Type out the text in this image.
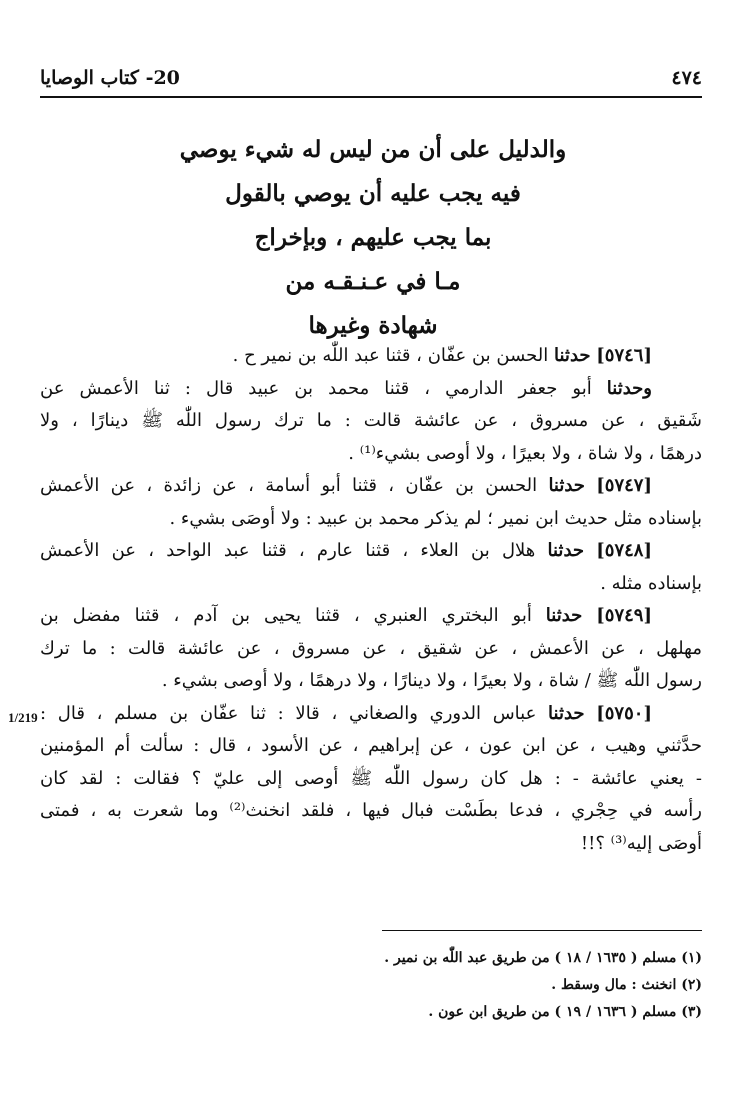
٤٧٤
20- كتاب الوصايا
والدليل على أن من ليس له شيء يوصي
فيه يجب عليه أن يوصي بالقول
بما يجب عليهم ، وبإخراج
مـا في عـنـقـه من
شهادة وغيرها
[٥٧٤٦] حدثنا الحسن بن عفّان ، قثنا عبد اللّٰه بن نمير ح .
وحدثنا أبو جعفر الدارمي ، قثنا محمد بن عبيد قال : ثنا الأعمش عن
شَقيق ، عن مسروق ، عن عائشة قالت : ما ترك رسول اللّٰه ﷺ دينارًا ، ولا
درهمًا ، ولا شاة ، ولا بعيرًا ، ولا أوصى بشيء⁽¹⁾ .
[٥٧٤٧] حدثنا الحسن بن عفّان ، قثنا أبو أسامة ، عن زائدة ، عن الأعمش
بإسناده مثل حديث ابن نمير ؛ لم يذكر محمد بن عبيد : ولا أوصَى بشيء .
[٥٧٤٨] حدثنا هلال بن العلاء ، قثنا عارم ، قثنا عبد الواحد ، عن الأعمش
بإسناده مثله .
[٥٧٤٩] حدثنا أبو البختري العنبري ، قثنا يحيى بن آدم ، قثنا مفضل بن
مهلهل ، عن الأعمش ، عن شقيق ، عن مسروق ، عن عائشة قالت : ما ترك
رسول اللّٰه ﷺ / شاة ، ولا بعيرًا ، ولا دينارًا ، ولا درهمًا ، ولا أوصى بشيء .
[٥٧٥٠] حدثنا عباس الدوري والصغاني ، قالا : ثنا عفّان بن مسلم ، قال :
حدَّثني وهيب ، عن ابن عون ، عن إبراهيم ، عن الأسود ، قال : سألت أم المؤمنين
- يعني عائشة - : هل كان رسول اللّٰه ﷺ أوصى إلى عليّ ؟ فقالت : لقد كان
رأسه في حِجْري ، فدعا بطَسْت فبال فيها ، فلقد انخنث⁽²⁾ وما شعرت به ، فمتى
أوصَى إليه⁽³⁾ ؟!!
(١) مسلم ( ١٦٣٥ / ١٨ ) من طريق عبد اللّٰه بن نمير .
(٢) انخنث : مال وسقط .
(٣) مسلم ( ١٦٣٦ / ١٩ ) من طريق ابن عون .
1/219
